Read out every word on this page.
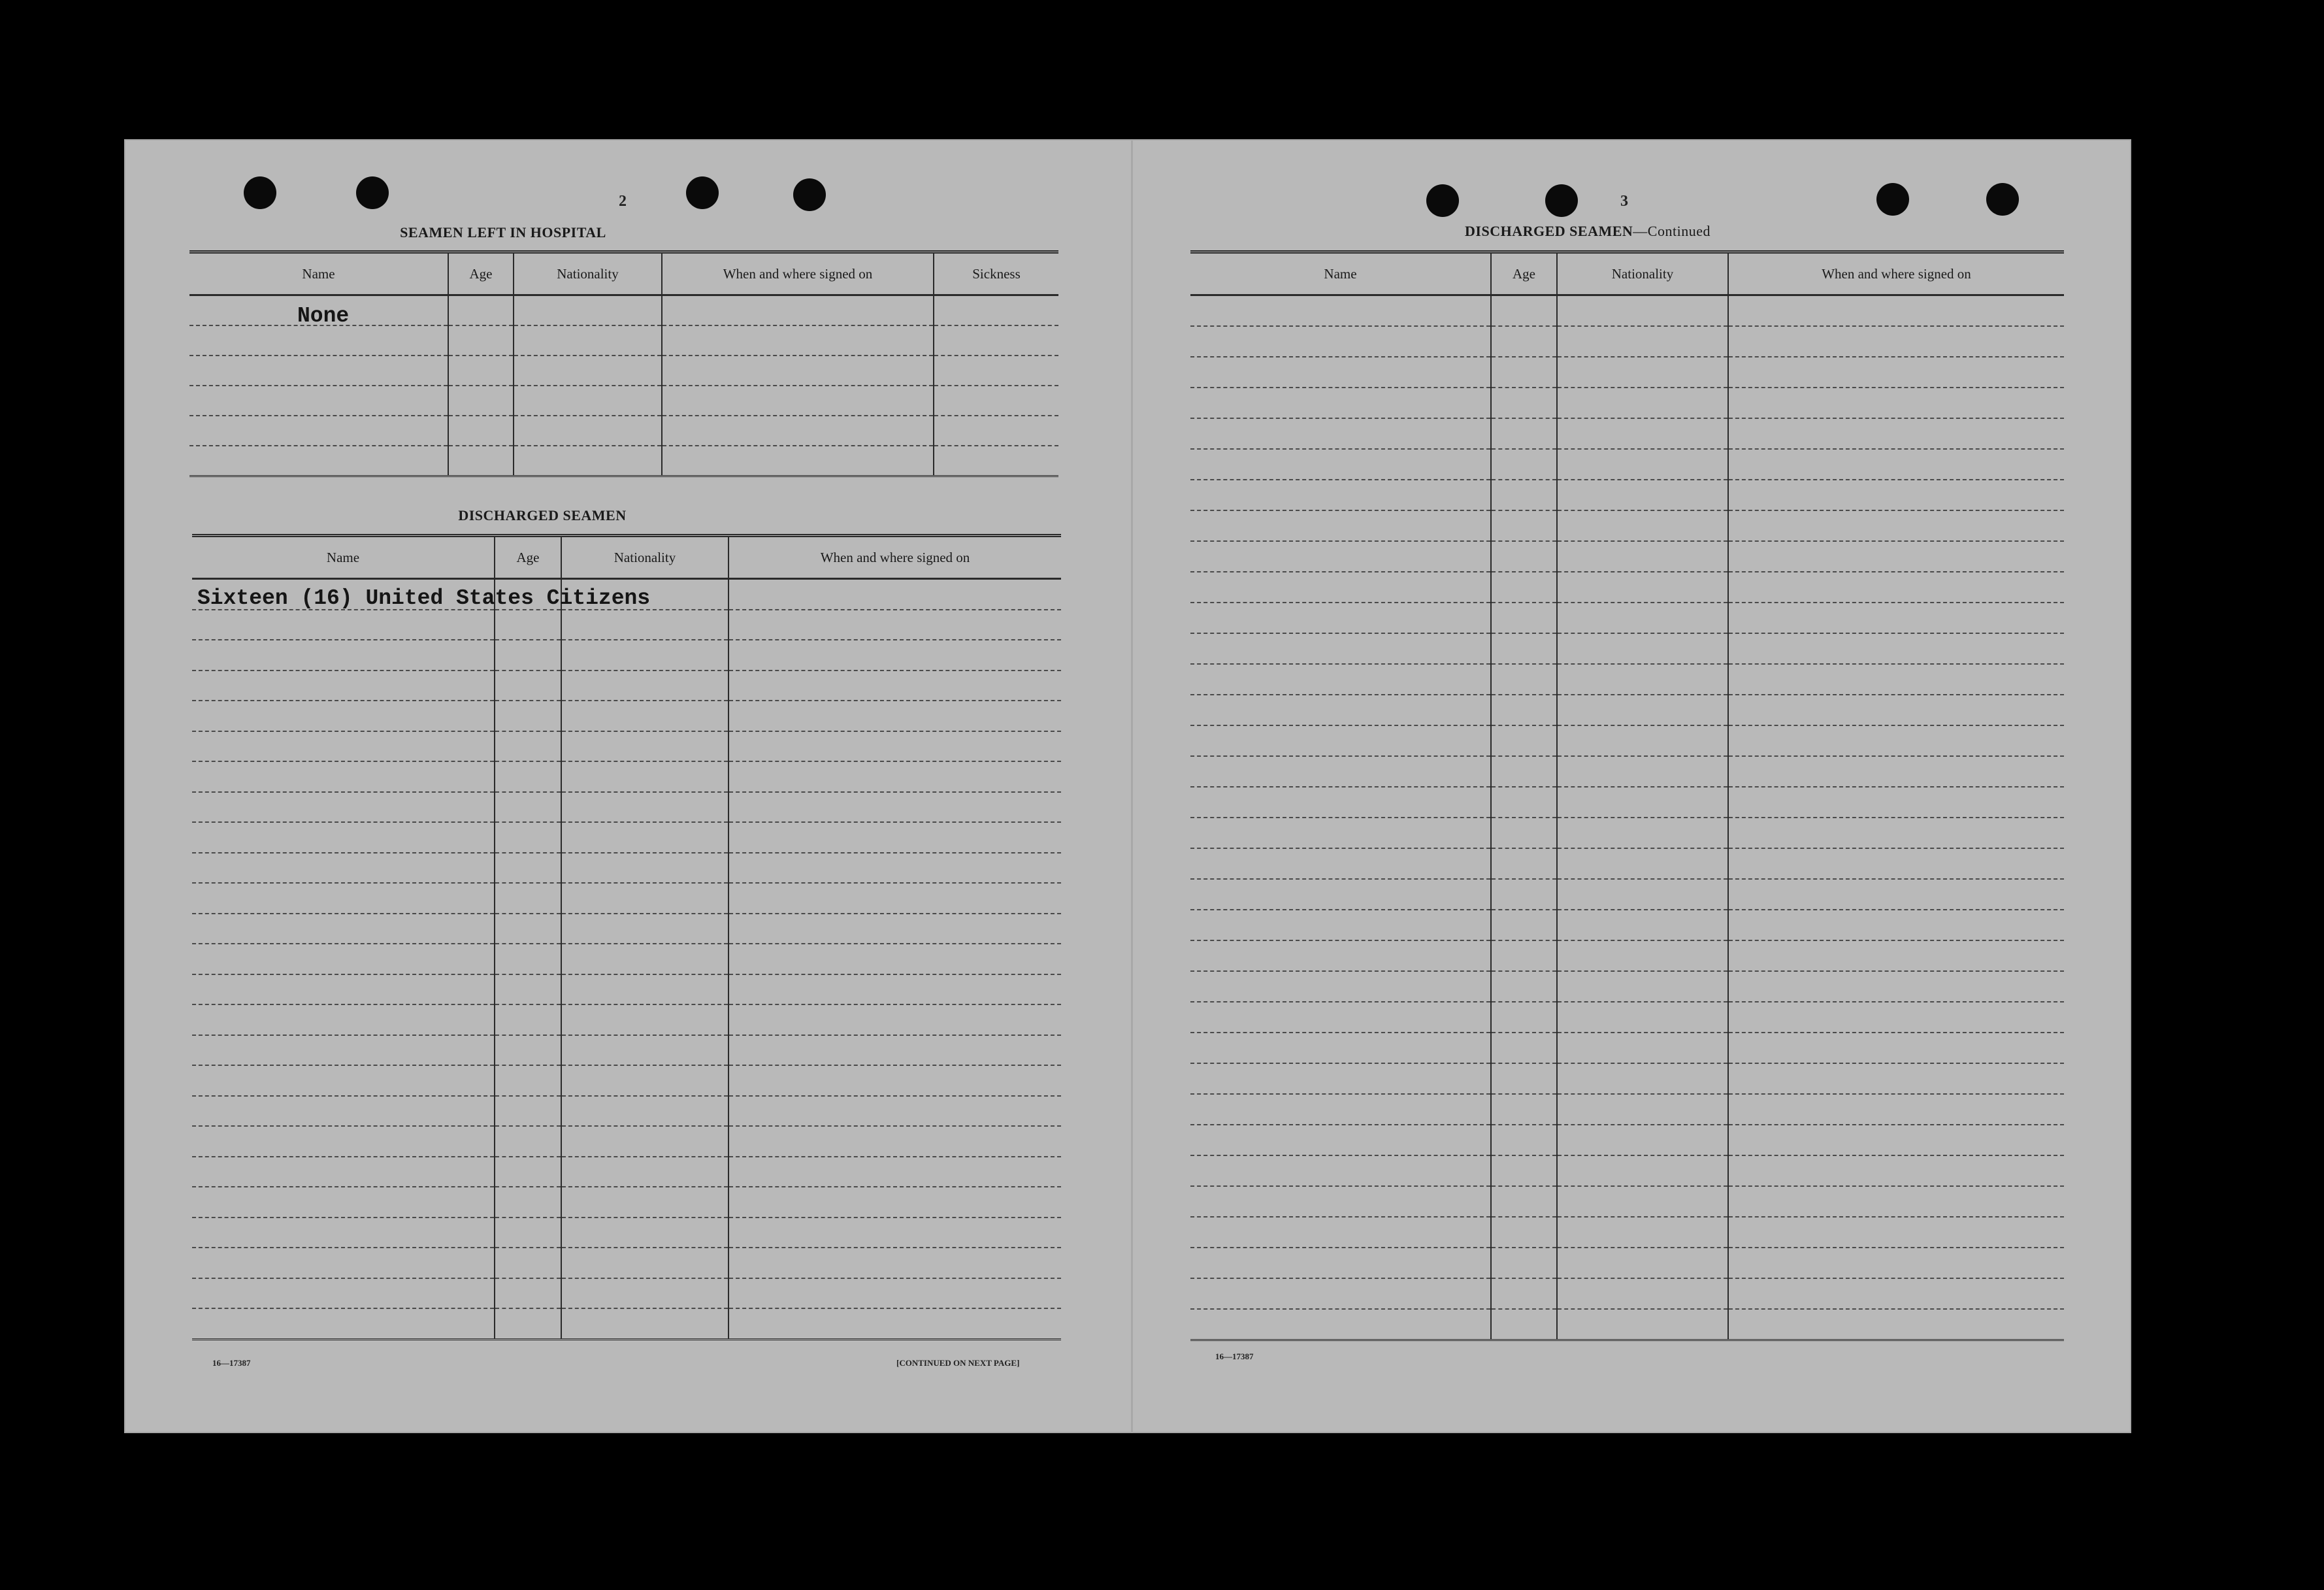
2
SEAMEN LEFT IN HOSPITAL
Name	Age	Nationality	When and where signed on	Sickness

None
DISCHARGED SEAMEN
Name	Age	Nationality	When and where signed on

Sixteen (16) United States Citizens
16—17387	[CONTINUED ON NEXT PAGE]
3
DISCHARGED SEAMEN—Continued
Name	Age	Nationality	When and where signed on

16—17387
